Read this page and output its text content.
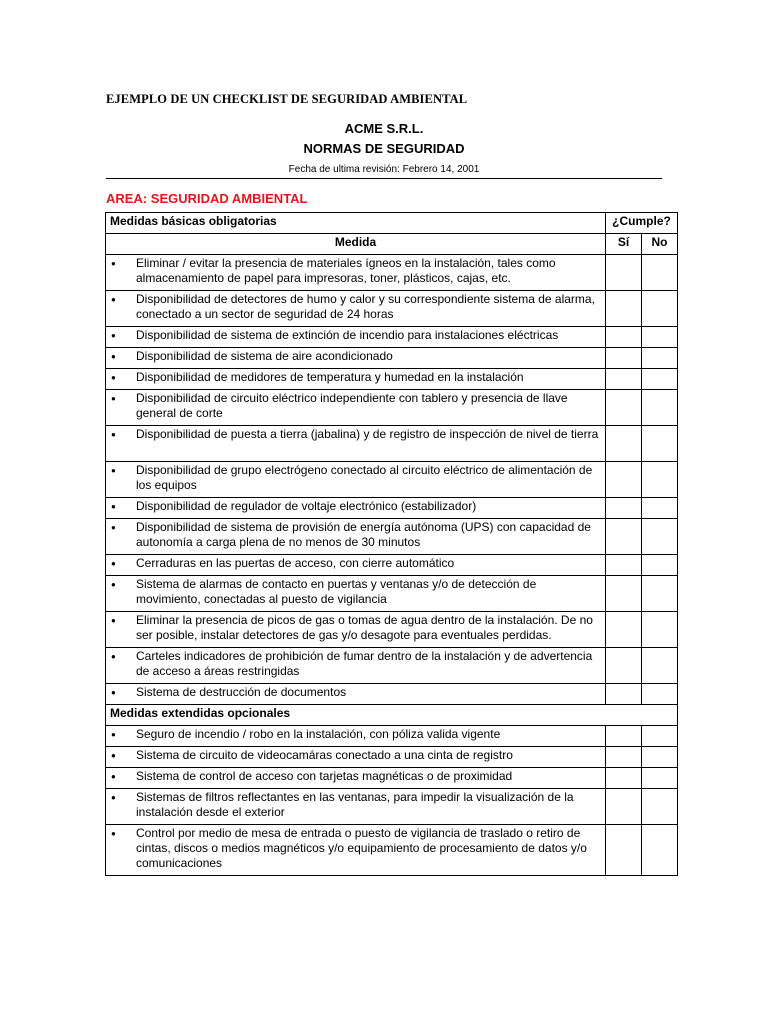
EJEMPLO DE UN CHECKLIST DE SEGURIDAD AMBIENTAL
ACME S.R.L.
NORMAS DE SEGURIDAD
Fecha de ultima revisión: Febrero 14, 2001
AREA: SEGURIDAD AMBIENTAL
Medidas básicas obligatorias	¿Cumple?	
Medida	Sí	No

● Eliminar / evitar la presencia de materiales ígneos en la instalación, tales como almacenamiento de papel para impresoras, toner, plásticos, cajas, etc.		

● Disponibilidad de detectores de humo y calor y su correspondiente sistema de alarma, conectado a un sector de seguridad de 24 horas		

● Disponibilidad de sistema de extinción de incendio para instalaciones eléctricas		

● Disponibilidad de sistema de aire acondicionado		

● Disponibilidad de medidores de temperatura y humedad en la instalación		

● Disponibilidad de circuito eléctrico independiente con tablero y presencia de llave general de corte		

● Disponibilidad de puesta a tierra (jabalina) y de registro de inspección de nivel de tierra		

● Disponibilidad de grupo electrógeno conectado al circuito eléctrico de alimentación de los equipos		

● Disponibilidad de regulador de voltaje electrónico (estabilizador)		

● Disponibilidad de sistema de provisión de energía autónoma (UPS) con capacidad de autonomía a carga plena de no menos de 30 minutos		

● Cerraduras en las puertas de acceso, con cierre automático		

● Sistema de alarmas de contacto en puertas y ventanas y/o de detección de movimiento, conectadas al puesto de vigilancia		

● Eliminar la presencia de picos de gas o tomas de agua dentro de la instalación. De no ser posible, instalar detectores de gas y/o desagote para eventuales perdidas.		

● Carteles indicadores de prohibición de fumar dentro de la instalación y de advertencia de acceso a áreas restringidas		

● Sistema de destrucción de documentos		

Medidas extendidas opcionales		

● Seguro de incendio / robo en la instalación, con póliza valida vigente		

● Sistema de circuito de videocamáras conectado a una cinta de registro		

● Sistema de control de acceso con tarjetas magnéticas o de proximidad		

● Sistemas de filtros reflectantes en las ventanas, para impedir la visualización de la instalación desde el exterior		

● Control por medio de mesa de entrada o puesto de vigilancia de traslado o retiro de cintas, discos o medios magnéticos y/o equipamiento de procesamiento de datos y/o comunicaciones		
